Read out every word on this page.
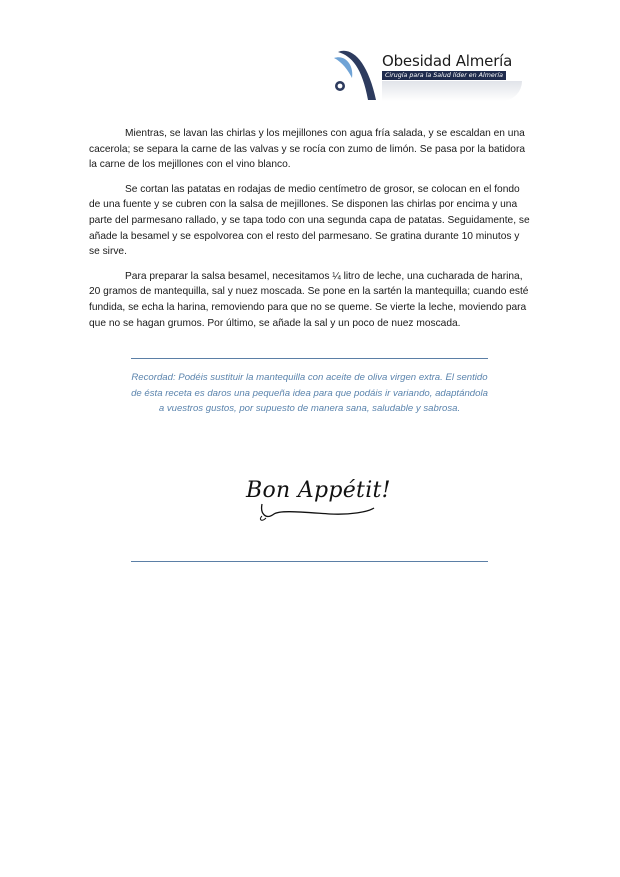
Obesidad Almería
Cirugía para la Salud líder en Almería

Mientras, se lavan las chirlas y los mejillones con agua fría salada, y se escaldan en una cacerola; se separa la carne de las valvas y se rocía con zumo de limón. Se pasa por la batidora la carne de los mejillones con el vino blanco.

Se cortan las patatas en rodajas de medio centímetro de grosor, se colocan en el fondo de una fuente y se cubren con la salsa de mejillones. Se disponen las chirlas por encima y una parte del parmesano rallado, y se tapa todo con una segunda capa de patatas. Seguidamente, se añade la besamel y se espolvorea con el resto del parmesano. Se gratina durante 10 minutos y se sirve.

Para preparar la salsa besamel, necesitamos ¼ litro de leche, una cucharada de harina, 20 gramos de mantequilla, sal y nuez moscada. Se pone en la sartén la mantequilla; cuando esté fundida, se echa la harina, removiendo para que no se queme. Se vierte la leche, moviendo para que no se hagan grumos. Por último, se añade la sal y un poco de nuez moscada.

Recordad: Podéis sustituir la mantequilla con aceite de oliva virgen extra. El sentido de ésta receta es daros una pequeña idea para que podáis ir variando, adaptándola a vuestros gustos, por supuesto de manera sana, saludable y sabrosa.
Bon Appétit!
